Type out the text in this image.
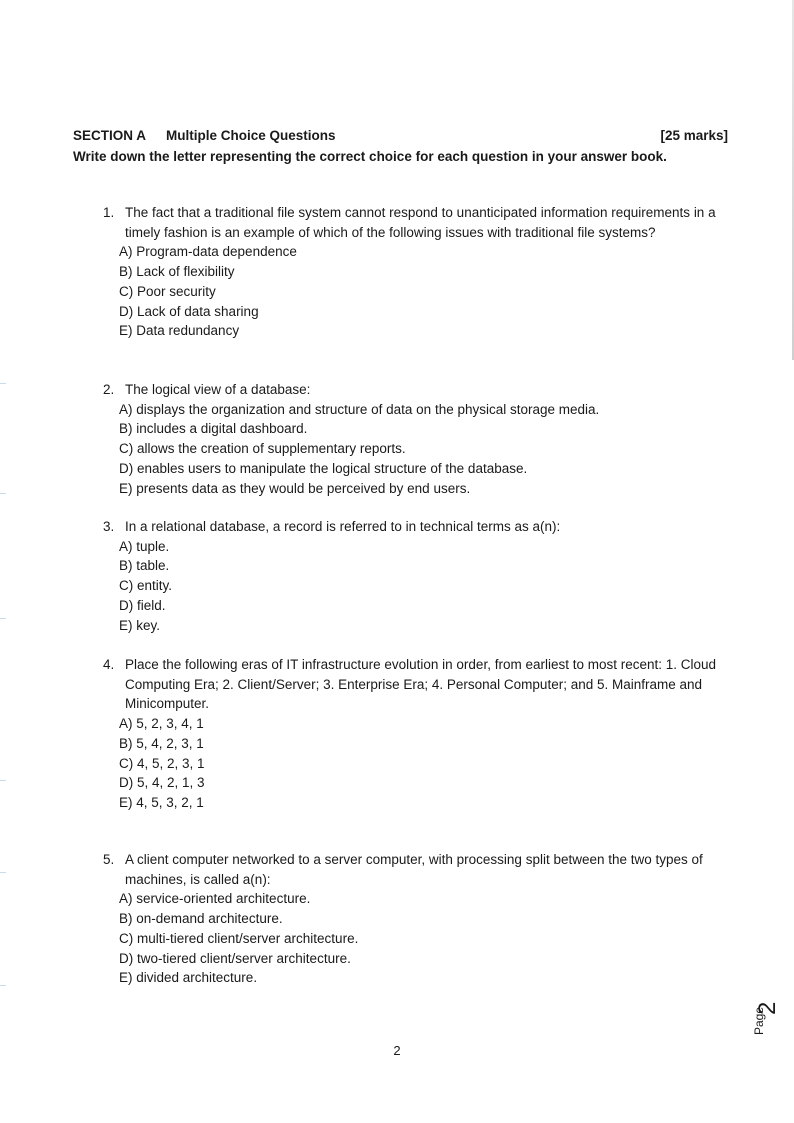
SECTION A Multiple Choice Questions	[25 marks]
Write down the letter representing the correct choice for each question in your answer book.
1. The fact that a traditional file system cannot respond to unanticipated information requirements in a timely fashion is an example of which of the following issues with traditional file systems?
A) Program-data dependence
B) Lack of flexibility
C) Poor security
D) Lack of data sharing
E) Data redundancy
2. The logical view of a database:
A) displays the organization and structure of data on the physical storage media.
B) includes a digital dashboard.
C) allows the creation of supplementary reports.
D) enables users to manipulate the logical structure of the database.
E) presents data as they would be perceived by end users.
3. In a relational database, a record is referred to in technical terms as a(n):
A) tuple.
B) table.
C) entity.
D) field.
E) key.
4. Place the following eras of IT infrastructure evolution in order, from earliest to most recent: 1. Cloud Computing Era; 2. Client/Server; 3. Enterprise Era; 4. Personal Computer; and 5. Mainframe and Minicomputer.
A) 5, 2, 3, 4, 1
B) 5, 4, 2, 3, 1
C) 4, 5, 2, 3, 1
D) 5, 4, 2, 1, 3
E) 4, 5, 3, 2, 1
5. A client computer networked to a server computer, with processing split between the two types of machines, is called a(n):
A) service-oriented architecture.
B) on-demand architecture.
C) multi-tiered client/server architecture.
D) two-tiered client/server architecture.
E) divided architecture.
2
Page
2
